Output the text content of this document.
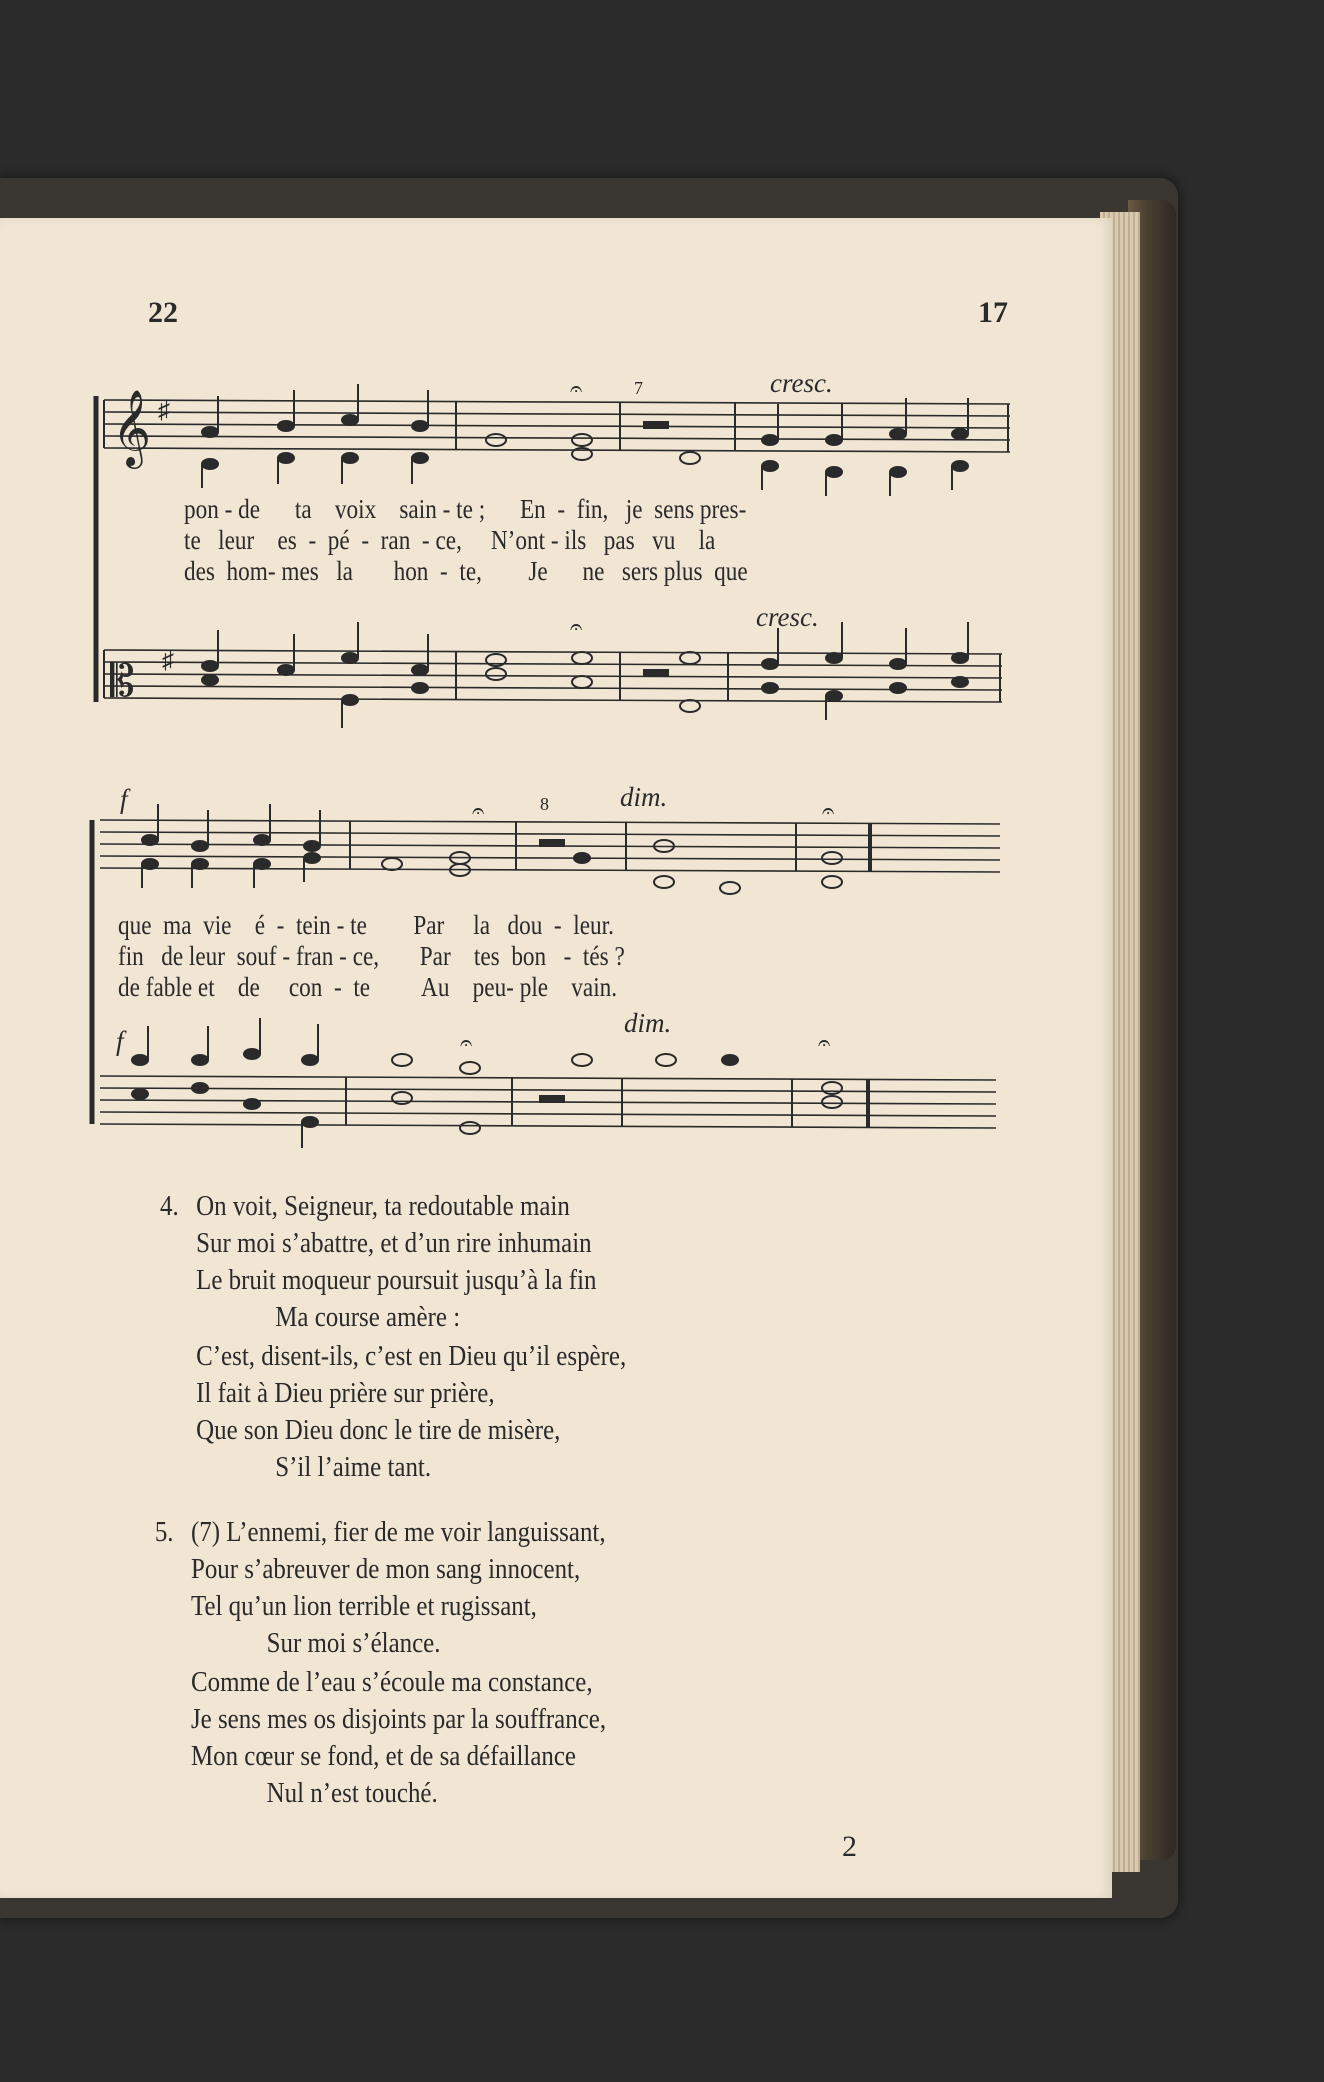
22	17
𝄞
𝄡
♯
♯
𝄐
𝄐
𝄐	𝄐
𝄐	𝄐
cresc.
7
cresc.
pon - de      ta    voix    sain - te ;      En  -  fin,   je  sens pres-
te   leur    es  -  pé  -  ran  - ce,     N’ont - ils   pas   vu    la
des  hom- mes   la       hon  -  te,        Je      ne   sers plus  que
f	8	dim.
f
dim.
que  ma  vie    é  -  tein - te        Par     la   dou  -  leur.
fin   de leur  souf - fran - ce,       Par    tes  bon   -  tés ?
de fable et    de     con  -  te         Au    peu- ple    vain.
4. On voit, Seigneur, ta redoutable main
Sur moi s’abattre, et d’un rire inhumain
Le bruit moqueur poursuit jusqu’à la fin
Ma course amère :
C’est, disent-ils, c’est en Dieu qu’il espère,
Il fait à Dieu prière sur prière,
Que son Dieu donc le tire de misère,
S’il l’aime tant.
5. (7) L’ennemi, fier de me voir languissant,
Pour s’abreuver de mon sang innocent,
Tel qu’un lion terrible et rugissant,
Sur moi s’élance.
Comme de l’eau s’écoule ma constance,
Je sens mes os disjoints par la souffrance,
Mon cœur se fond, et de sa défaillance
Nul n’est touché.
2
